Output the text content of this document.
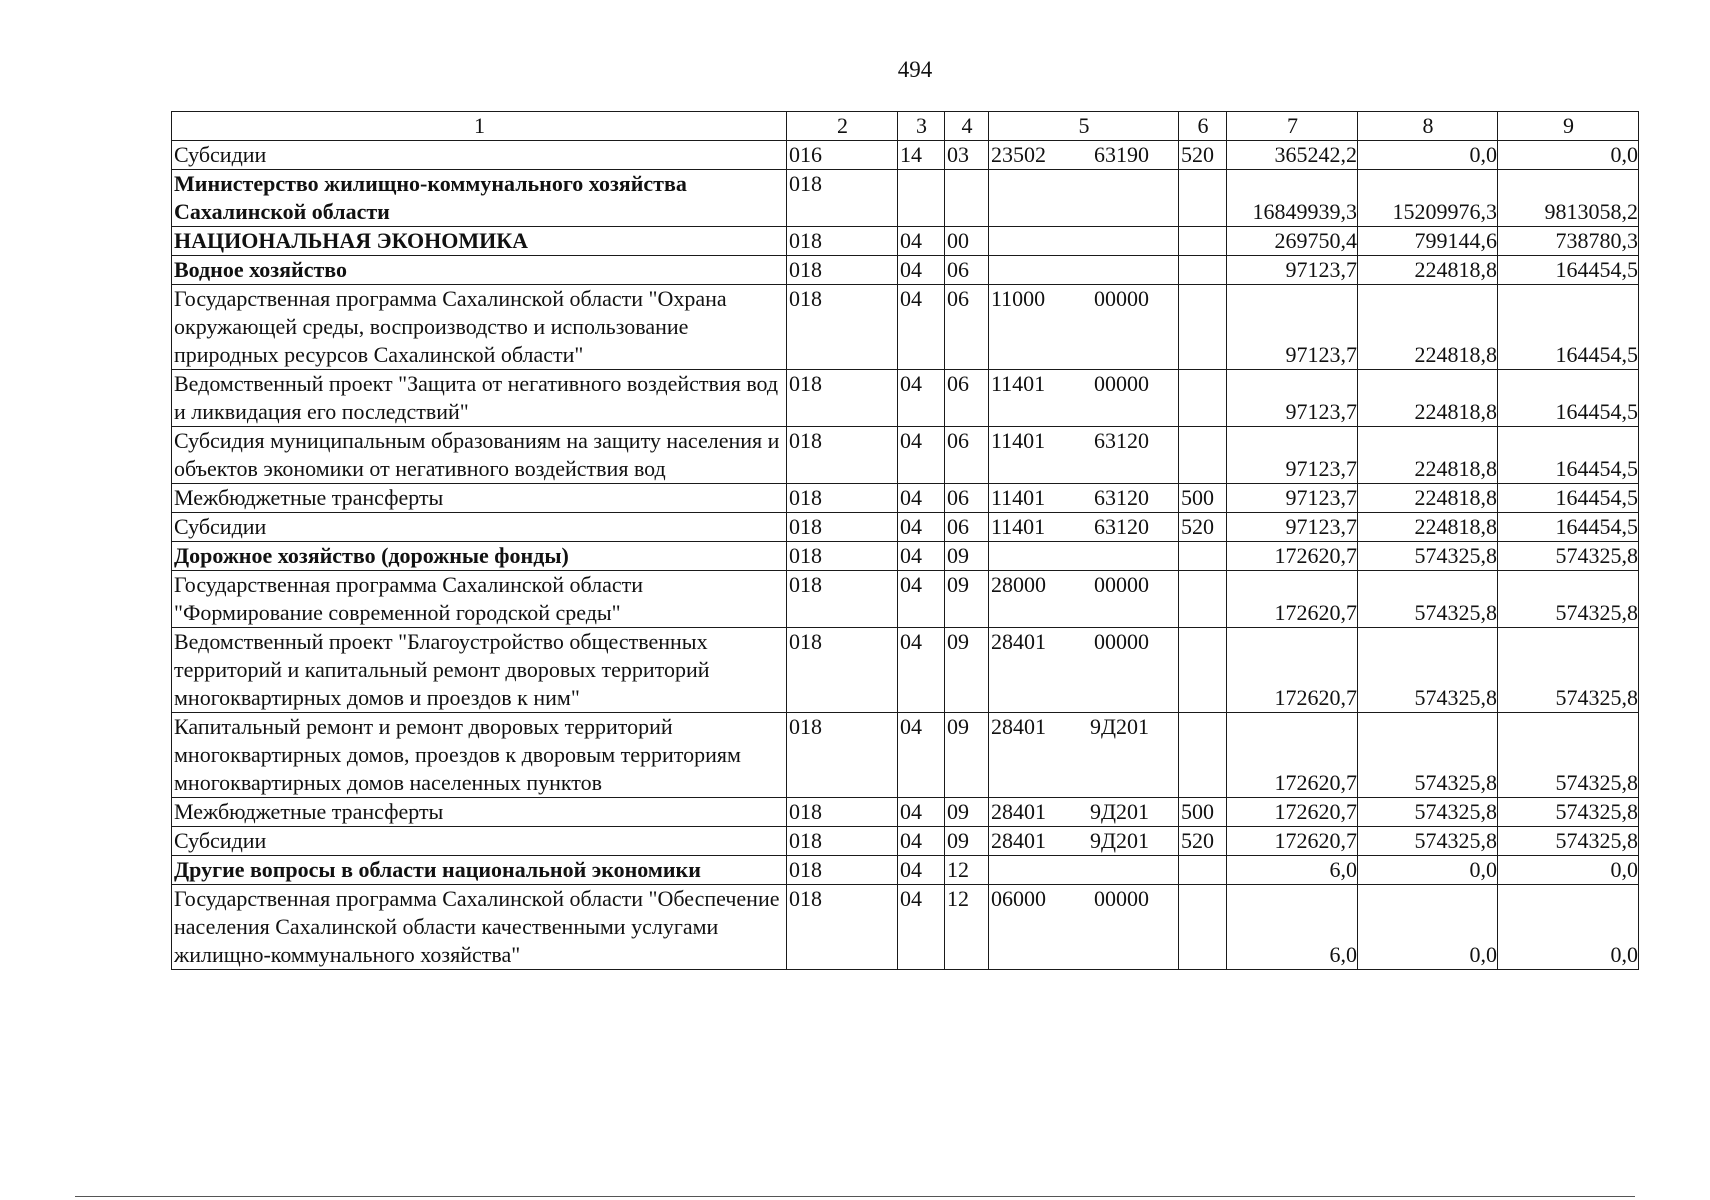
494
1	2	3	4	5	6	7	8	9
Субсидии	016	14	03	23502 63190	520	365242,2	0,0	0,0
Министерство жилищно-коммунального хозяйства Сахалинской области	018					16849939,3	15209976,3	9813058,2
НАЦИОНАЛЬНАЯ ЭКОНОМИКА	018	04	00			269750,4	799144,6	738780,3
Водное хозяйство	018	04	06			97123,7	224818,8	164454,5
Государственная программа Сахалинской области "Охрана окружающей среды, воспроизводство и использование природных ресурсов Сахалинской области"	018	04	06	11000 00000		97123,7	224818,8	164454,5
Ведомственный проект "Защита от негативного воздействия вод и ликвидация его последствий"	018	04	06	11401 00000		97123,7	224818,8	164454,5
Субсидия муниципальным образованиям на защиту населения и объектов экономики от негативного воздействия вод	018	04	06	11401 63120		97123,7	224818,8	164454,5
Межбюджетные трансферты	018	04	06	11401 63120	500	97123,7	224818,8	164454,5
Субсидии	018	04	06	11401 63120	520	97123,7	224818,8	164454,5
Дорожное хозяйство (дорожные фонды)	018	04	09			172620,7	574325,8	574325,8
Государственная программа Сахалинской области "Формирование современной городской среды"	018	04	09	28000 00000		172620,7	574325,8	574325,8
Ведомственный проект "Благоустройство общественных территорий и капитальный ремонт дворовых территорий многоквартирных домов и проездов к ним"	018	04	09	28401 00000		172620,7	574325,8	574325,8
Капитальный ремонт и ремонт дворовых территорий многоквартирных домов, проездов к дворовым территориям многоквартирных домов населенных пунктов	018	04	09	28401 9Д201		172620,7	574325,8	574325,8
Межбюджетные трансферты	018	04	09	28401 9Д201	500	172620,7	574325,8	574325,8
Субсидии	018	04	09	28401 9Д201	520	172620,7	574325,8	574325,8
Другие вопросы в области национальной экономики	018	04	12			6,0	0,0	0,0
Государственная программа Сахалинской области "Обеспечение населения Сахалинской области качественными услугами жилищно-коммунального хозяйства"	018	04	12	06000 00000		6,0	0,0	0,0
